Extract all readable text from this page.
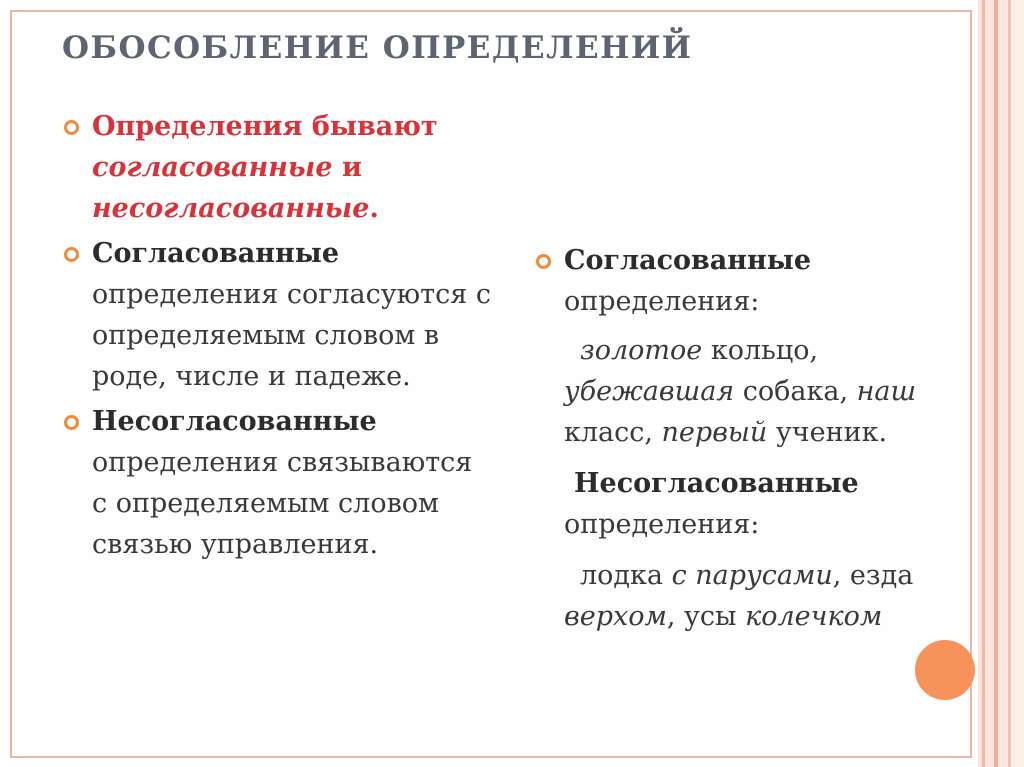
ОБОСОБЛЕНИЕ ОПРЕДЕЛЕНИЙ
Определения бывают согласованные и несогласованные.
Согласованные определения согласуются с определяемым словом в роде, числе и падеже.
Несогласованные определения связываются с определяемым словом связью управления.
Согласованные
определения:
золотое кольцо,
убежавшая собака, наш
класс, первый ученик.
Несогласованные
определения:
лодка с парусами, езда
верхом, усы колечком
